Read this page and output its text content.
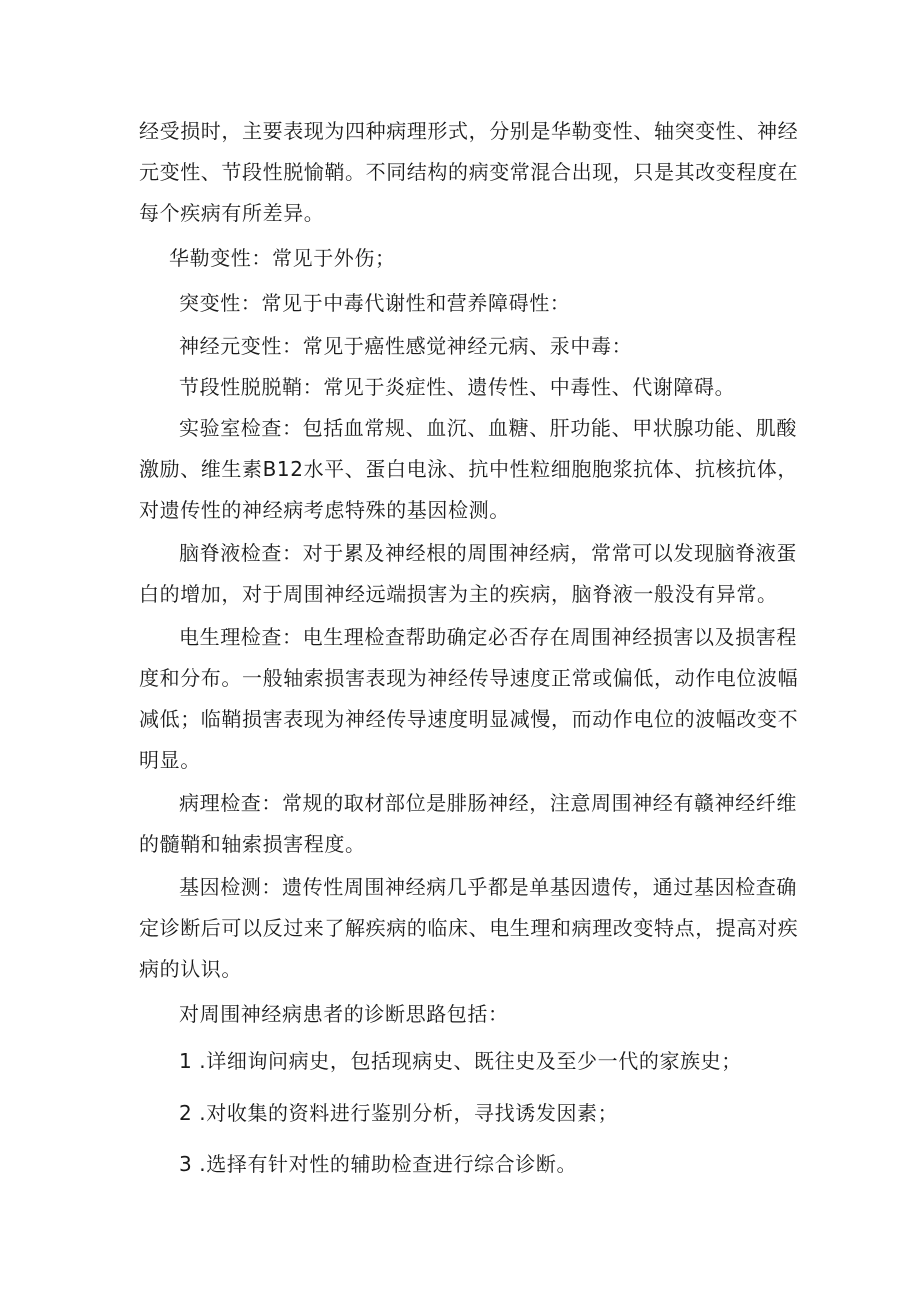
经受损时，主要表现为四种病理形式，分别是华勒变性、轴突变性、神经
元变性、节段性脱愉鞘。不同结构的病变常混合出现，只是其改变程度在
每个疾病有所差异。
华勒变性：常见于外伤；
突变性：常见于中毒代谢性和营养障碍性：
神经元变性：常见于癌性感觉神经元病、汞中毒：
节段性脱脱鞘：常见于炎症性、遗传性、中毒性、代谢障碍。
实验室检查：包括血常规、血沉、血糖、肝功能、甲状腺功能、肌酸
激励、维生素B12水平、蛋白电泳、抗中性粒细胞胞浆抗体、抗核抗体，
对遗传性的神经病考虑特殊的基因检测。
脑脊液检查：对于累及神经根的周围神经病，常常可以发现脑脊液蛋
白的增加，对于周围神经远端损害为主的疾病，脑脊液一般没有异常。
电生理检查：电生理检查帮助确定必否存在周围神经损害以及损害程
度和分布。一般轴索损害表现为神经传导速度正常或偏低，动作电位波幅
减低；临鞘损害表现为神经传导速度明显减慢，而动作电位的波幅改变不
明显。
病理检查：常规的取材部位是腓肠神经，注意周围神经有赣神经纤维
的髓鞘和轴索损害程度。
基因检测：遗传性周围神经病几乎都是单基因遗传，通过基因检查确
定诊断后可以反过来了解疾病的临床、电生理和病理改变特点，提高对疾
病的认识。
对周围神经病患者的诊断思路包括：
1 .详细询问病史，包括现病史、既往史及至少一代的家族史；
2 .对收集的资料进行鉴别分析，寻找诱发因素；
3 .选择有针对性的辅助检查进行综合诊断。
